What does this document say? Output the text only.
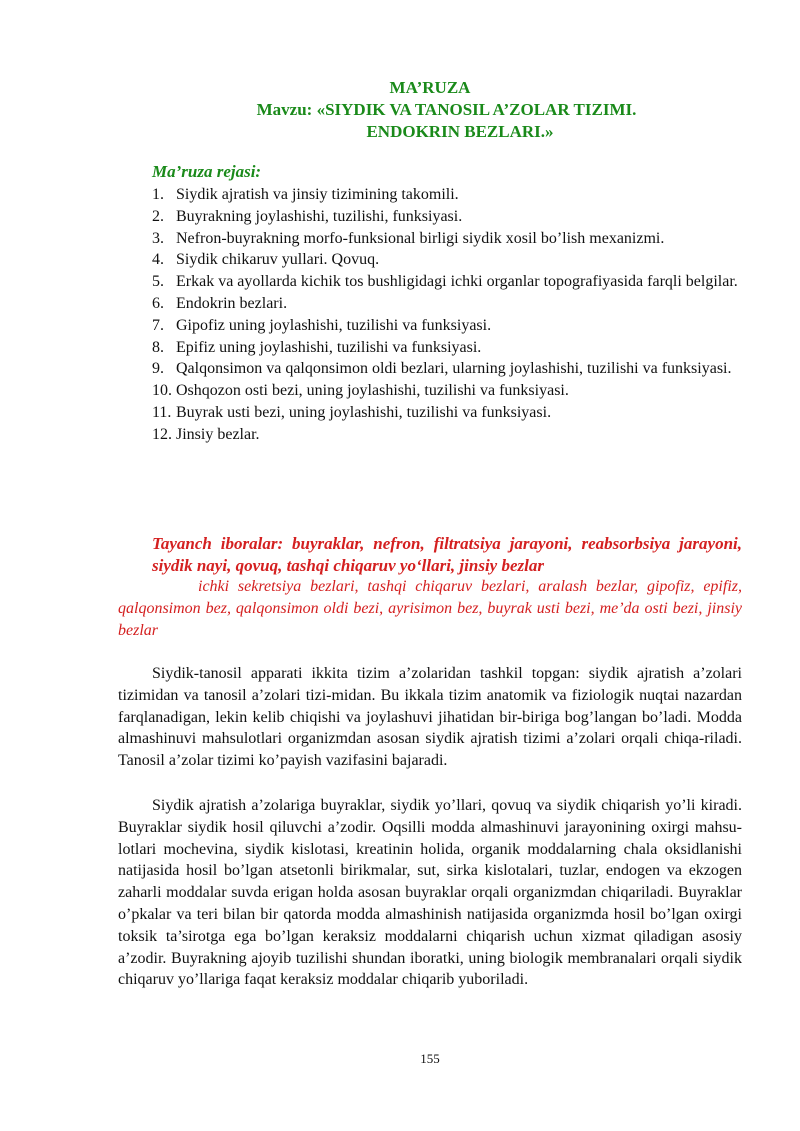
MA’RUZA
Mavzu: «SIYDIK VA TANOSIL A’ZOLAR TIZIMI.
ENDOKRIN BEZLARI.»
Ma’ruza rejasi:
1. Siydik ajratish va jinsiy tizimining takomili.
2. Buyrakning joylashishi, tuzilishi, funksiyasi.
3. Nefron-buyrakning morfo-funksional birligi siydik xosil bo’lish mexanizmi.
4. Siydik chikaruv yullari. Qovuq.
5. Erkak va ayollarda kichik tos bushligidagi ichki organlar topografiyasida farqli belgilar.
6. Endokrin bezlari.
7. Gipofiz uning joylashishi, tuzilishi va funksiyasi.
8. Epifiz uning joylashishi, tuzilishi va funksiyasi.
9. Qalqonsimon va qalqonsimon oldi bezlari, ularning joylashishi, tuzilishi va funksiyasi.
10. Oshqozon osti bezi, uning joylashishi, tuzilishi va funksiyasi.
11. Buyrak usti bezi, uning joylashishi, tuzilishi va funksiyasi.
12. Jinsiy bezlar.
Tayanch iboralar: buyraklar, nefron, filtratsiya jarayoni, reabsorbsiya jarayoni, siydik nayi, qovuq, tashqi chiqaruv yo‘llari, jinsiy bezlar
ichki sekretsiya bezlari, tashqi chiqaruv bezlari, aralash bezlar, gipofiz, epifiz, qalqonsimon bez, qalqonsimon oldi bezi, ayrisimon bez, buyrak usti bezi, me’da osti bezi, jinsiy bezlar
Siydik-tanosil apparati ikkita tizim a’zolaridan tashkil topgan: siydik ajratish a’zolari tizimidan va tanosil a’zolari tizi-midan. Bu ikkala tizim anatomik va fiziologik nuqtai nazardan farqlanadigan, lekin kelib chiqishi va joylashuvi jihatidan bir-biriga bog’langan bo’ladi. Modda almashinuvi mahsulotlari organizmdan asosan siydik ajratish tizimi a’zolari orqali chiqa-riladi. Tanosil a’zolar tizimi ko’payish vazifasini bajaradi.
Siydik ajratish a’zolariga buyraklar, siydik yo’llari, qovuq va siydik chiqarish yo’li kiradi. Buyraklar siydik hosil qiluvchi a’zodir. Oqsilli modda almashinuvi jarayonining oxirgi mahsu-lotlari mochevina, siydik kislotasi, kreatinin holida, organik moddalarning chala oksidlanishi natijasida hosil bo’lgan atsetonli birikmalar, sut, sirka kislotalari, tuzlar, endogen va ekzogen zaharli moddalar suvda erigan holda asosan buyraklar orqali organizmdan chiqariladi. Buyraklar o’pkalar va teri bilan bir qatorda modda almashinish natijasida organizmda hosil bo’lgan oxirgi toksik ta’sirotga ega bo’lgan keraksiz moddalarni chiqarish uchun xizmat qiladigan asosiy a’zodir. Buyrakning ajoyib tuzilishi shundan iboratki, uning biologik membranalari orqali siydik chiqaruv yo’llariga faqat keraksiz moddalar chiqarib yuboriladi.
155
